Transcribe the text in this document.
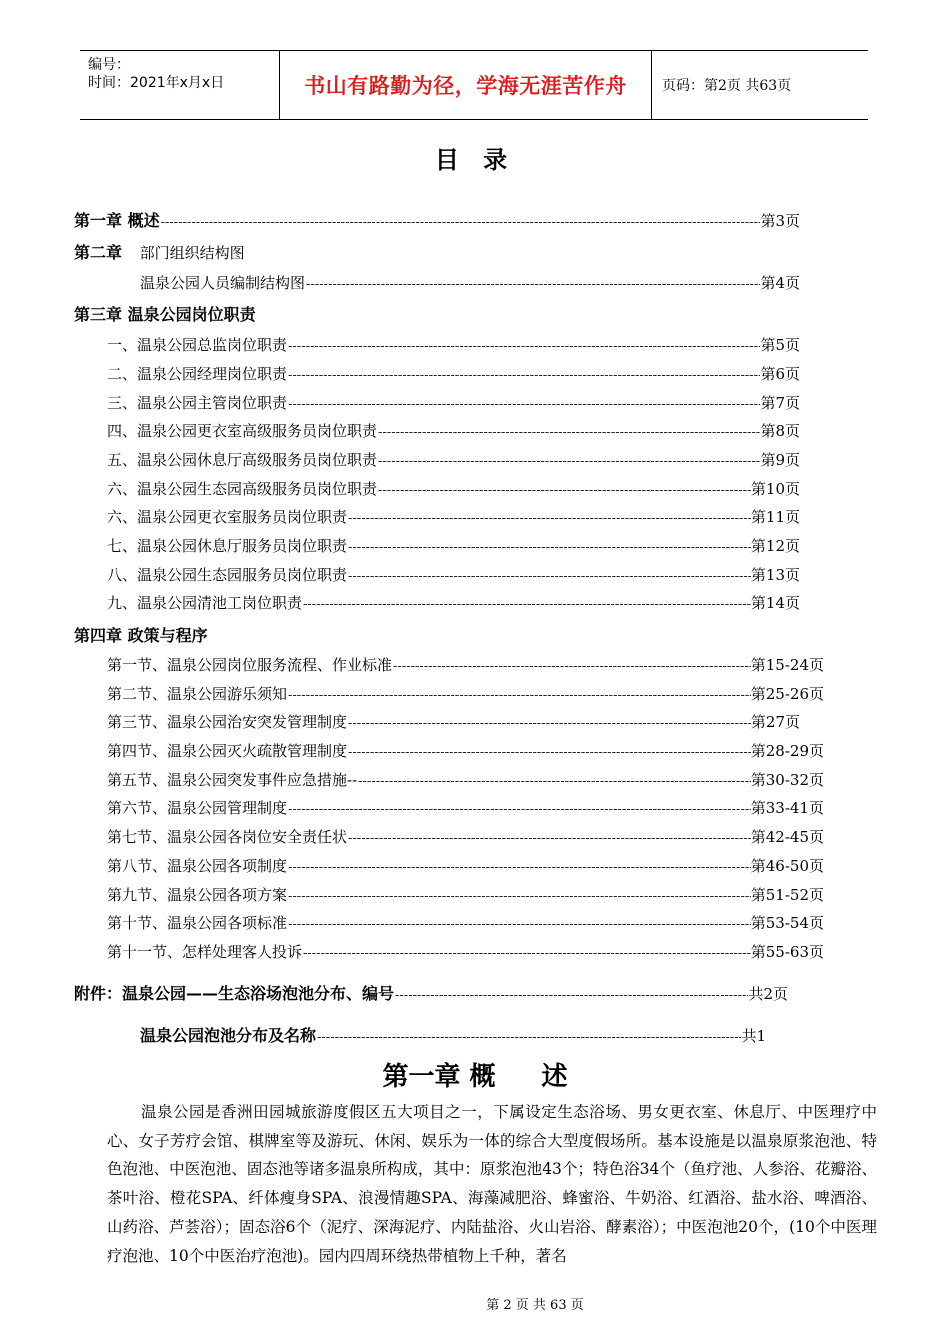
编号：
时间：2021年x月x日	书山有路勤为径，学海无涯苦作舟	页码：第2页 共63页
目 录
第一章 概述 -----	第3页
第二章 部门组织结构图
温泉公园人员编制结构图 -----	第4页
第三章 温泉公园岗位职责
一、温泉公园总监岗位职责 -----	第5页
二、温泉公园经理岗位职责 -----	第6页
三、温泉公园主管岗位职责 -----	第7页
四、温泉公园更衣室高级服务员岗位职责 -----	第8页
五、温泉公园休息厅高级服务员岗位职责 -----	第9页
六、温泉公园生态园高级服务员岗位职责 -----	第10页
六、温泉公园更衣室服务员岗位职责 -----	第11页
七、温泉公园休息厅服务员岗位职责 -----	第12页
八、温泉公园生态园服务员岗位职责 -----	第13页
九、温泉公园清池工岗位职责 -----	第14页
第四章 政策与程序
第一节、温泉公园岗位服务流程、作业标准 -----	第15-24页
第二节、温泉公园游乐须知 -----	第25-26页
第三节、温泉公园治安突发管理制度 -----	第27页
第四节、温泉公园灭火疏散管理制度 -----	第28-29页
第五节、温泉公园突发事件应急措施-- -----	第30-32页
第六节、温泉公园管理制度 -----	第33-41页
第七节、温泉公园各岗位安全责任状 -----	第42-45页
第八节、温泉公园各项制度 -----	第46-50页
第九节、温泉公园各项方案 -----	第51-52页
第十节、温泉公园各项标准 -----	第53-54页
第十一节、怎样处理客人投诉 -----	第55-63页
附件：温泉公园——生态浴场泡池分布、编号 -----	共2页
温泉公园泡池分布及名称 -----	共1
第一章 概 述
温泉公园是香洲田园城旅游度假区五大项目之一，下属设定生态浴场、男女更衣室、休息厅、中医理疗中心、女子芳疗会馆、棋牌室等及游玩、休闲、娱乐为一体的综合大型度假场所。基本设施是以温泉原浆泡池、特色泡池、中医泡池、固态池等诸多温泉所构成，其中：原浆泡池43个；特色浴34个（鱼疗池、人参浴、花瓣浴、茶叶浴、橙花SPA、纤体瘦身SPA、浪漫情趣SPA、海藻减肥浴、蜂蜜浴、牛奶浴、红酒浴、盐水浴、啤酒浴、山药浴、芦荟浴）；固态浴6个（泥疗、深海泥疗、内陆盐浴、火山岩浴、酵素浴）；中医泡池20个，(10个中医理疗泡池、10个中医治疗泡池)。园内四周环绕热带植物上千种，著名
第 2 页 共 63 页
